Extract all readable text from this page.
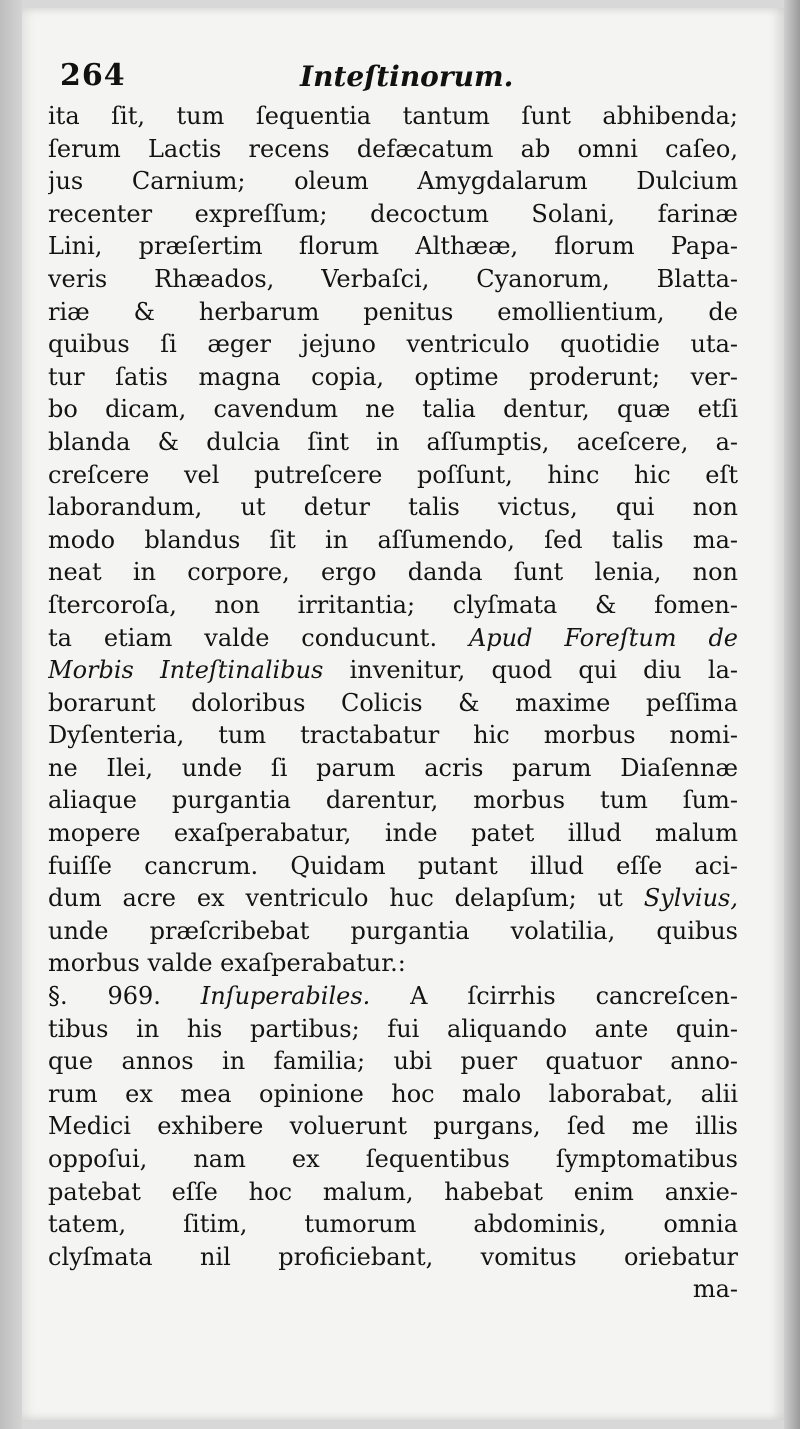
264	Inteſtinorum.
ita ſit, tum ſequentia tantum ſunt abhibenda;
ſerum Lactis recens defæcatum ab omni caſeo,
jus Carnium; oleum Amygdalarum Dulcium
recenter expreſſum; decoctum Solani, farinæ
Lini, præſertim florum Althææ, florum Papa-
veris Rhæados, Verbaſci, Cyanorum, Blatta-
riæ & herbarum penitus emollientium, de
quibus ſi æger jejuno ventriculo quotidie uta-
tur ſatis magna copia, optime proderunt; ver-
bo dicam, cavendum ne talia dentur, quæ etſi
blanda & dulcia ſint in aſſumptis, aceſcere, a-
creſcere vel putreſcere poſſunt, hinc hic eſt
laborandum, ut detur talis victus, qui non
modo blandus ſit in aſſumendo, ſed talis ma-
neat in corpore, ergo danda ſunt lenia, non
ſtercoroſa, non irritantia; clyſmata & fomen-
ta etiam valde conducunt. Apud Foreſtum de
Morbis Inteſtinalibus invenitur, quod qui diu la-
borarunt doloribus Colicis & maxime peſſima
Dyſenteria, tum tractabatur hic morbus nomi-
ne Ilei, unde ſi parum acris parum Diaſennæ
aliaque purgantia darentur, morbus tum ſum-
mopere exaſperabatur, inde patet illud malum
fuiſſe cancrum. Quidam putant illud eſſe aci-
dum acre ex ventriculo huc delapſum; ut Sylvius,
unde præſcribebat purgantia volatilia, quibus
morbus valde exaſperabatur.:
§. 969. Inſuperabiles. A ſcirrhis cancreſcen-
tibus in his partibus; fui aliquando ante quin-
que annos in familia; ubi puer quatuor anno-
rum ex mea opinione hoc malo laborabat, alii
Medici exhibere voluerunt purgans, ſed me illis
oppoſui, nam ex ſequentibus ſymptomatibus
patebat eſſe hoc malum, habebat enim anxie-
tatem, ſitim, tumorum abdominis, omnia
clyſmata nil proficiebant, vomitus oriebatur
ma-
